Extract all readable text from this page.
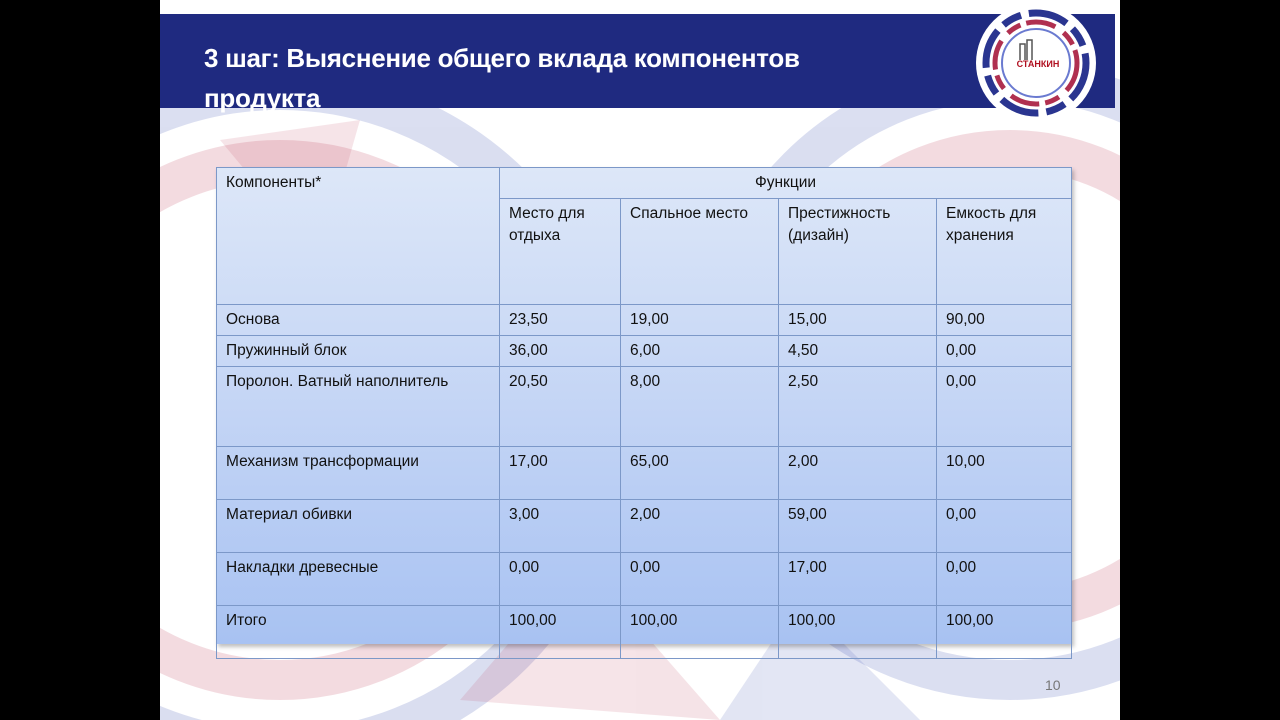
3 шаг: Выяснение общего вклада компонентов продукта
СТАНКИН
Компоненты*	Функции			
	Место для отдыха	Спальное место	Престижность (дизайн)	Емкость для хранения
Основа	23,50	19,00	15,00	90,00
Пружинный блок	36,00	6,00	4,50	0,00
Поролон. Ватный наполнитель	20,50	8,00	2,50	0,00
Механизм трансформации	17,00	65,00	2,00	10,00
Материал обивки	3,00	2,00	59,00	0,00
Накладки древесные	0,00	0,00	17,00	0,00
Итого	100,00	100,00	100,00	100,00
10
